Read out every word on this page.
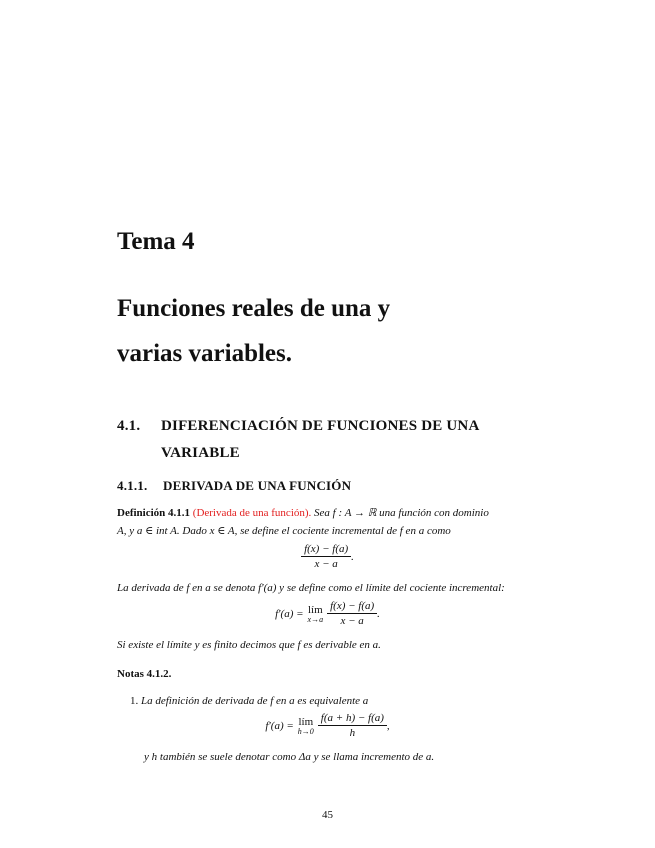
Tema 4
Funciones reales de una y
varias variables.
4.1. DIFERENCIACIÓN DE FUNCIONES DE UNA
VARIABLE
4.1.1. DERIVADA DE UNA FUNCIÓN
Definición 4.1.1 (Derivada de una función). Sea f : A → ℝ una función con dominio
A, y a ∈ int A. Dado x ∈ A, se define el cociente incremental de f en a como
$\frac{f(x) - f(a)}{x - a}$ .
La derivada de f en a se denota f′(a) y se define como el límite del cociente incremental:
f′(a) = lím
$x\to a \frac{f(x) - f(a)}{x - a}$ .
Si existe el límite y es finito decimos que f es derivable en a.
Notas 4.1.2.
1. La definición de derivada de f en a es equivalente a
f′(a) = lím
$h\to 0 \frac{f(a + h) - f(a)}{h}$ ,
y h también se suele denotar como Δa y se llama incremento de a.
45
